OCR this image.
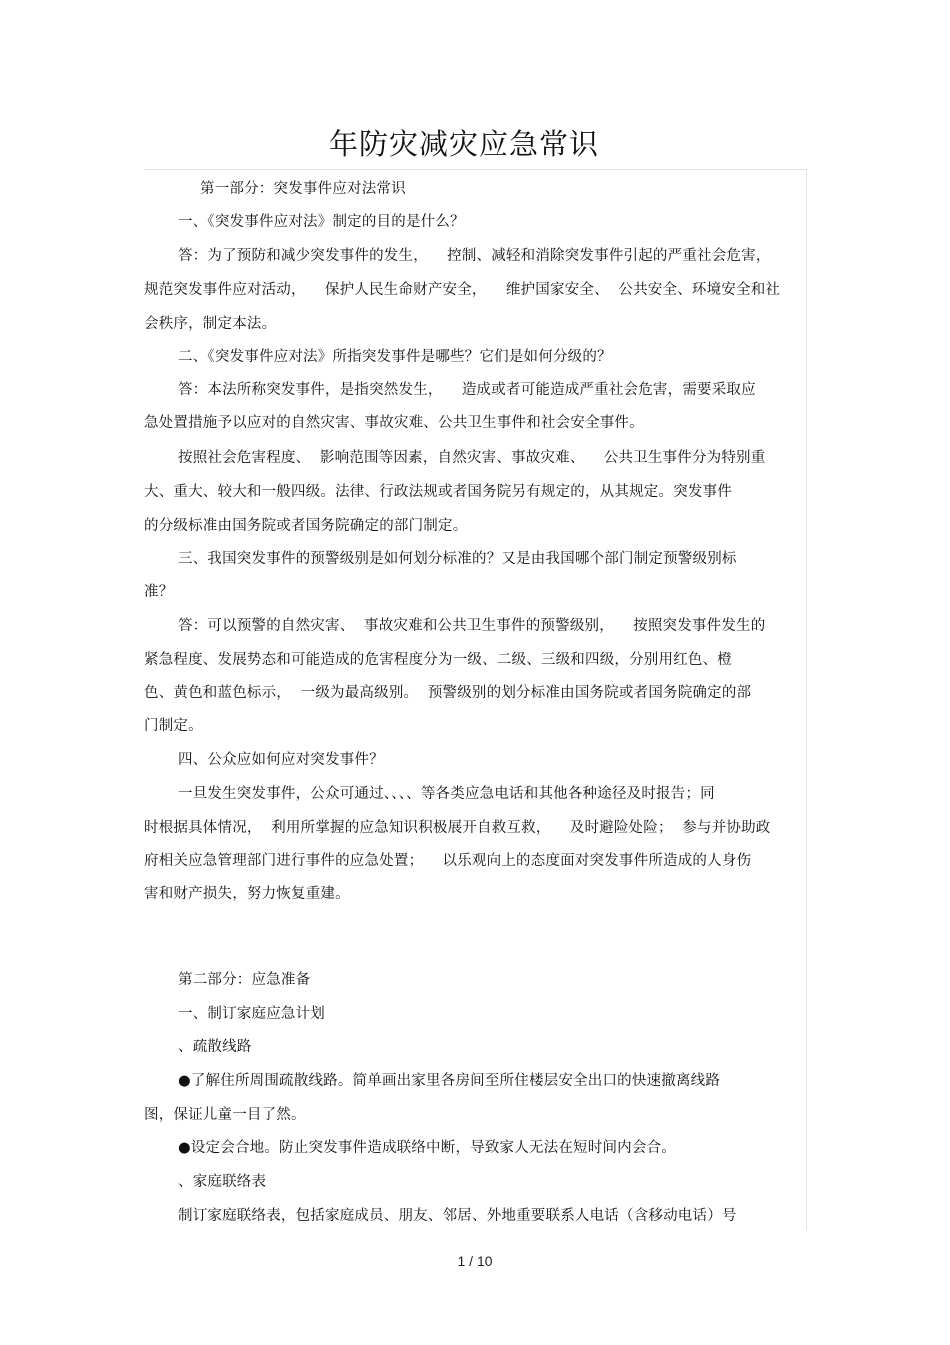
年防灾减灾应急常识
第一部分：突发事件应对法常识
一、《突发事件应对法》制定的目的是什么？
答：为了预防和减少突发事件的发生，    控制、减轻和消除突发事件引起的严重社会危害，
规范突发事件应对活动，    保护人民生命财产安全，    维护国家安全、  公共安全、环境安全和社
会秩序，制定本法。
二、《突发事件应对法》所指突发事件是哪些？它们是如何分级的？
答：本法所称突发事件，是指突然发生，    造成或者可能造成严重社会危害，需要采取应
急处置措施予以应对的自然灾害、事故灾难、公共卫生事件和社会安全事件。
按照社会危害程度、  影响范围等因素，自然灾害、事故灾难、    公共卫生事件分为特别重
大、重大、较大和一般四级。法律、行政法规或者国务院另有规定的，从其规定。突发事件
的分级标准由国务院或者国务院确定的部门制定。
三、我国突发事件的预警级别是如何划分标准的？又是由我国哪个部门制定预警级别标
准？
答：可以预警的自然灾害、  事故灾难和公共卫生事件的预警级别，    按照突发事件发生的
紧急程度、发展势态和可能造成的危害程度分为一级、二级、三级和四级，分别用红色、橙
色、黄色和蓝色标示，  一级为最高级别。  预警级别的划分标准由国务院或者国务院确定的部
门制定。
四、公众应如何应对突发事件？
一旦发生突发事件，公众可通过、、、、等各类应急电话和其他各种途径及时报告；同
时根据具体情况，  利用所掌握的应急知识积极展开自救互救，    及时避险处险；  参与并协助政
府相关应急管理部门进行事件的应急处置；    以乐观向上的态度面对突发事件所造成的人身伤
害和财产损失，努力恢复重建。
第二部分：应急准备
一、制订家庭应急计划
、疏散线路
●了解住所周围疏散线路。简单画出家里各房间至所住楼层安全出口的快速撤离线路
图，保证儿童一目了然。
●设定会合地。防止突发事件造成联络中断，导致家人无法在短时间内会合。
、家庭联络表
制订家庭联络表，包括家庭成员、朋友、邻居、外地重要联系人电话（含移动电话）号
1 / 10
